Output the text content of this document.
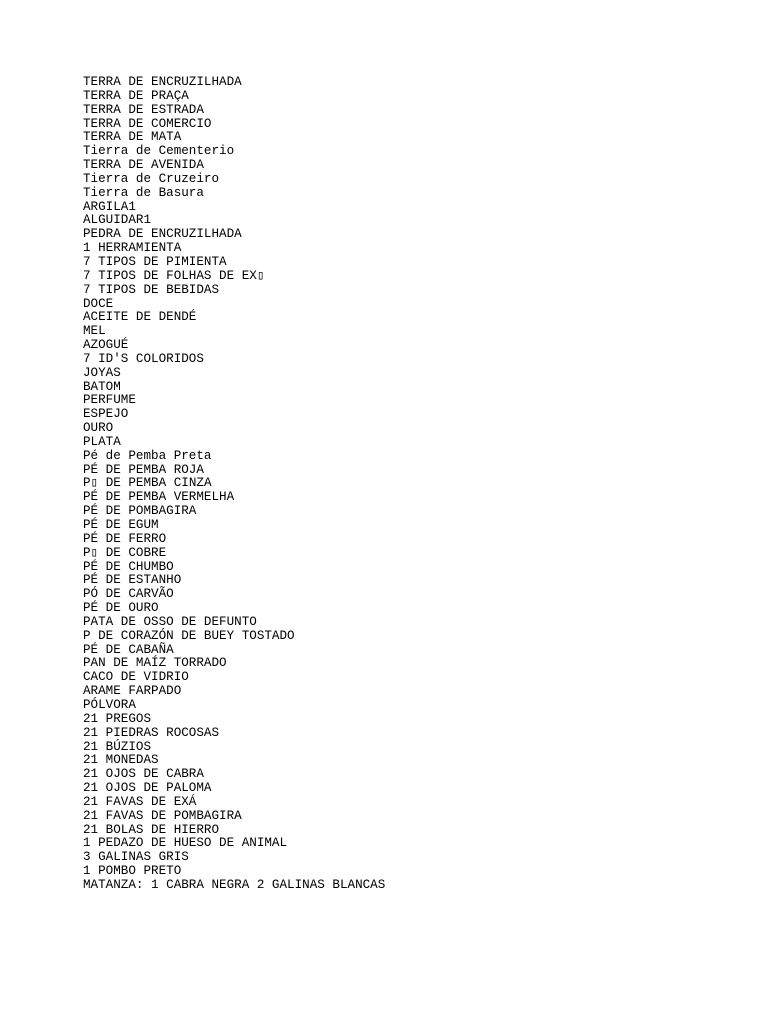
TERRA DE ENCRUZILHADA
TERRA DE PRAÇA
TERRA DE ESTRADA
TERRA DE COMERCIO
TERRA DE MATA
Tierra de Cementerio
TERRA DE AVENIDA
Tierra de Cruzeiro
Tierra de Basura
ARGILA1
ALGUIDAR1
PEDRA DE ENCRUZILHADA
1 HERRAMIENTA
7 TIPOS DE PIMIENTA
7 TIPOS DE FOLHAS DE EX▯
7 TIPOS DE BEBIDAS
DOCE
ACEITE DE DENDÉ
MEL
AZOGUÉ
7 ID'S COLORIDOS
JOYAS
BATOM
PERFUME
ESPEJO
OURO
PLATA
Pé de Pemba Preta
PÉ DE PEMBA ROJA
P▯ DE PEMBA CINZA
PÉ DE PEMBA VERMELHA
PÉ DE POMBAGIRA
PÉ DE EGUM
PÉ DE FERRO
P▯ DE COBRE
PÉ DE CHUMBO
PÉ DE ESTANHO
PÓ DE CARVÃO
PÉ DE OURO
PATA DE OSSO DE DEFUNTO
P DE CORAZÓN DE BUEY TOSTADO
PÉ DE CABAÑA
PAN DE MAÍZ TORRADO
CACO DE VIDRIO
ARAME FARPADO
PÓLVORA
21 PREGOS
21 PIEDRAS ROCOSAS
21 BÚZIOS
21 MONEDAS
21 OJOS DE CABRA
21 OJOS DE PALOMA
21 FAVAS DE EXÁ
21 FAVAS DE POMBAGIRA
21 BOLAS DE HIERRO
1 PEDAZO DE HUESO DE ANIMAL
3 GALINAS GRIS
1 POMBO PRETO
MATANZA: 1 CABRA NEGRA 2 GALINAS BLANCAS
